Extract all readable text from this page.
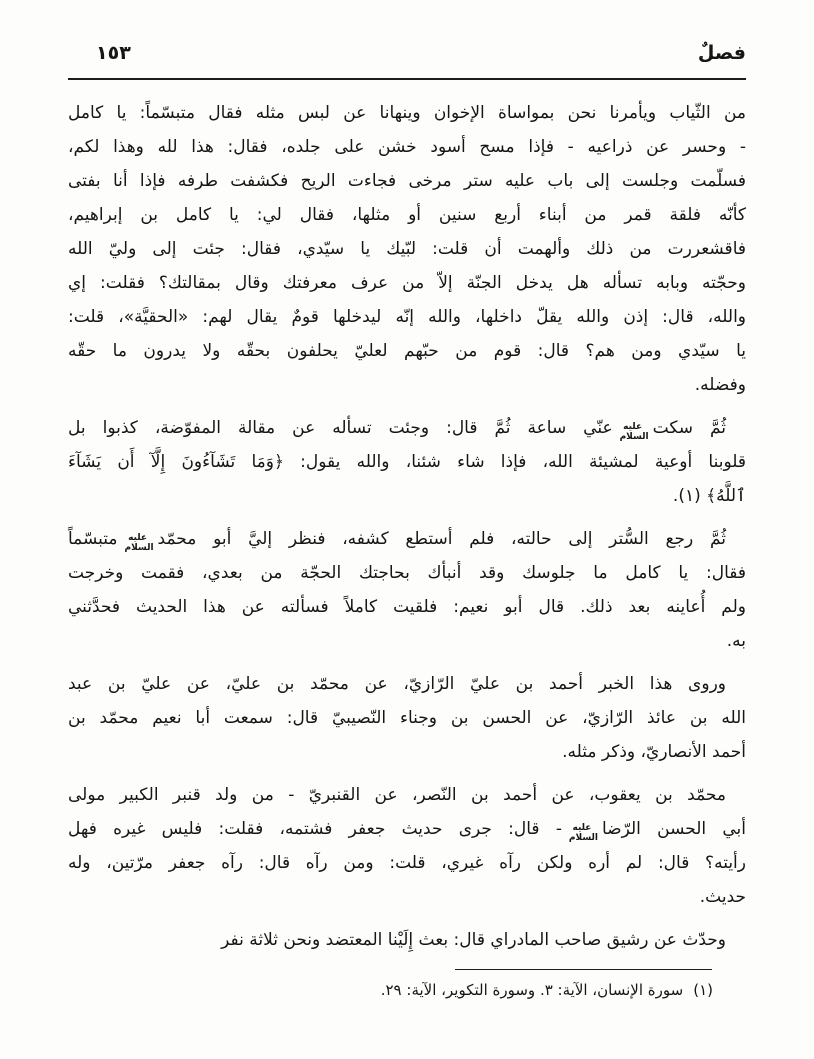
فصلٌ
١٥٣
من الثّياب ويأمرنا نحن بمواساة الإخوان وينهانا عن لبس مثله فقال متبسّماً: يا كامل
- وحسر عن ذراعيه - فإذا مسح أسود خشن على جلده، فقال: هذا لله وهذا لكم،
فسلّمت وجلست إلى باب عليه ستر مرخى فجاءت الريح فكشفت طرفه فإذا أنا بفتى
كأنّه فلقة قمر من أبناء أربع سنين أو مثلها، فقال لي: يا كامل بن إبراهيم،
فاقشعررت من ذلك وألهمت أن قلت: لبّيك يا سيّدي، فقال: جئت إلى وليّ الله
وحجّته وبابه تسأله هل يدخل الجنّة إلاّ من عرف معرفتك وقال بمقالتك؟ فقلت: إي
والله، قال: إذن والله يقلّ داخلها، والله إنّه ليدخلها قومٌ يقال لهم: «الحقيَّة»، قلت:
يا سيّدي ومن هم؟ قال: قوم من حبّهم لعليّ يحلفون بحقّه ولا يدرون ما حقّه
وفضله.
ثُمَّ سكتعليه السلامعنّي ساعة ثُمَّ قال: وجئت تسأله عن مقالة المفوّضة، كذبوا بل
قلوبنا أوعية لمشيئة الله، فإذا شاء شئنا، والله يقول: ﴿وَمَا تَشَآءُونَ إِلَّآ أَن يَشَآءَ
ٱللَّهُ﴾ (١).
ثُمَّ رجع السُّتر إلى حالته، فلم أستطع كشفه، فنظر إليَّ أبو محمّدعليه السلاممتبسّماً
فقال: يا كامل ما جلوسك وقد أنبأك بحاجتك الحجّة من بعدي، فقمت وخرجت
ولم أُعاينه بعد ذلك. قال أبو نعيم: فلقيت كاملاً فسألته عن هذا الحديث فحدَّثني
به.
وروى هذا الخبر أحمد بن عليّ الرّازيّ، عن محمّد بن عليّ، عن عليّ بن عبد
الله بن عائذ الرّازيّ، عن الحسن بن وجناء النّصيبيّ قال: سمعت أبا نعيم محمّد بن
أحمد الأنصاريّ، وذكر مثله.
محمّد بن يعقوب، عن أحمد بن النّصر، عن القنبريّ - من ولد قنبر الكبير مولى
أبي الحسن الرّضاعليه السلام- قال: جرى حديث جعفر فشتمه، فقلت: فليس غيره فهل
رأيته؟ قال: لم أره ولكن رآه غيري، قلت: ومن رآه قال: رآه جعفر مرّتين، وله
حديث.
وحدّث عن رشيق صاحب المادراي قال: بعث إِلَيْنا المعتضد ونحن ثلاثة نفر
(١)سورة الإنسان، الآية: ٣. وسورة التكوير، الآية: ٢٩.
